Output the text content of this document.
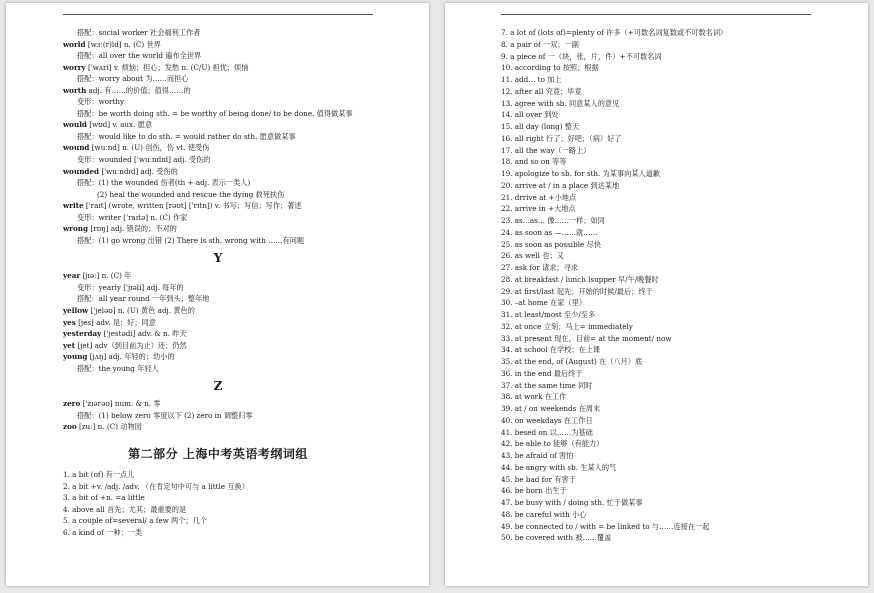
搭配：social worker 社会福利工作者
world [wɜː(r)ld] n. (C) 世界
搭配：all over the world 遍布全世界
worry ['wʌri] v. 烦恼；担心；发愁 n. (C/U) 担忧；烦恼
搭配：worry about 为……而担心
worth adj. 有……的价值；值得……的
变形：worthy
搭配：be worth doing sth. = be worthy of being done/ to be done. 值得做某事
would [wʊd] v. aux. 愿意
搭配：would like to do sth. = would rather do sth. 愿意做某事
wound [wuːnd] n. (U) 创伤，伤 vt. 使受伤
变形：wounded ['wuːndɪd] adj. 受伤的
wounded ['wuːndɪd] adj. 受伤的
搭配：(1) the wounded 伤者(th + adj. 表示一类人)
(2) heal the wounded and rescue the dying 救死扶伤
write ['raɪt] (wrote, written [rəʊt] ['rɪtn]) v. 书写；写信；写作；著述
变形：writer ['raɪtə] n. (C) 作家
wrong [rɒŋ] adj. 错误的；不对的
搭配：(1) go wrong 出错 (2) There is sth. wrong with ……有问题
Y
year [jɪəː] n. (C) 年
变形：yearly ['jɪəli] adj. 每年的
搭配：all year round 一年到头；整年地
yellow ['jeləʊ] n. (U) 黄色 adj. 黄色的
yes [jes] adv. 是；好；同意
yesterday ['jestədi] adv. & n. 昨天
yet [jet] adv（到目前为止）还；仍然
young [jʌŋ] adj. 年轻的；幼小的
搭配：the young 年轻人
Z
zero ['zɪərəʊ] num. & n. 零
搭配：(1) below zero 零度以下 (2) zero in 调整归零
zoo [zuː] n. (C) 动物园
第二部分 上海中考英语考纲词组
1. a bit (of) 有一点儿
2. a bit +v. /adj. /adv. （在肯定句中可与 a little 互换）
3. a bit of +n. =a little
4. above all 首先；尤其；最重要的是
5. a couple of=several/ a few 两个；几个
6. a kind of 一种；一类
7. a lot of (lots of)=plenty of 许多（+可数名词复数或不可数名词）
8. a pair of 一双；一副
9. a piece of 一（块，张，片，件）+不可数名词
10. according to 按照；根据
11. add… to 加上
12. after all 究竟；毕竟
13. agree with sb. 同意某人的意见
14. all over 到处
15. all day (long) 整天
16. all right 行了；好吧；（病）好了
17. all the way（一路上）
18. and so on 等等
19. apologize to sb. for sth. 为某事向某人道歉
20. arrive at / in a place 到达某地
21. drrive at +小地点
22. arrive in +大地点
23. as…as… 像……一样；如同
24. as soon as —……就……
25. as soon as possible 尽快
26. as well 也；又
27. ask for 请求；寻求
28. at breakfast / lunch lsupper 早/午/晚餐时
29. at first/last 起先；开始的时候/最后；终于
30. –at home 在家（里）
31. at least/most 至少/至多
32. at once 立刻；马上= immediately
33. at present 现在，目前= at the moment/ now
34. at school 在学校；在上课
35. at the end, of (August) 在（八月）底
36. in the end 最后终于
37. at the same time 同时
38. at work 在工作
39. at / on weekends 在周末
40. on weekdays 在工作日
41. besed on 以……为基础
42. be able to 能够（有能力）
43. be afraid of 害怕
44. be angry with sb. 生某人的气
45. be bad for 有害于
46. be born 出生于
47. be busy with / doing sth. 忙于做某事
48. be careful with 小心
49. be connected to / with = be linked to 与……连接在一起
50. be covered with 被……覆盖
